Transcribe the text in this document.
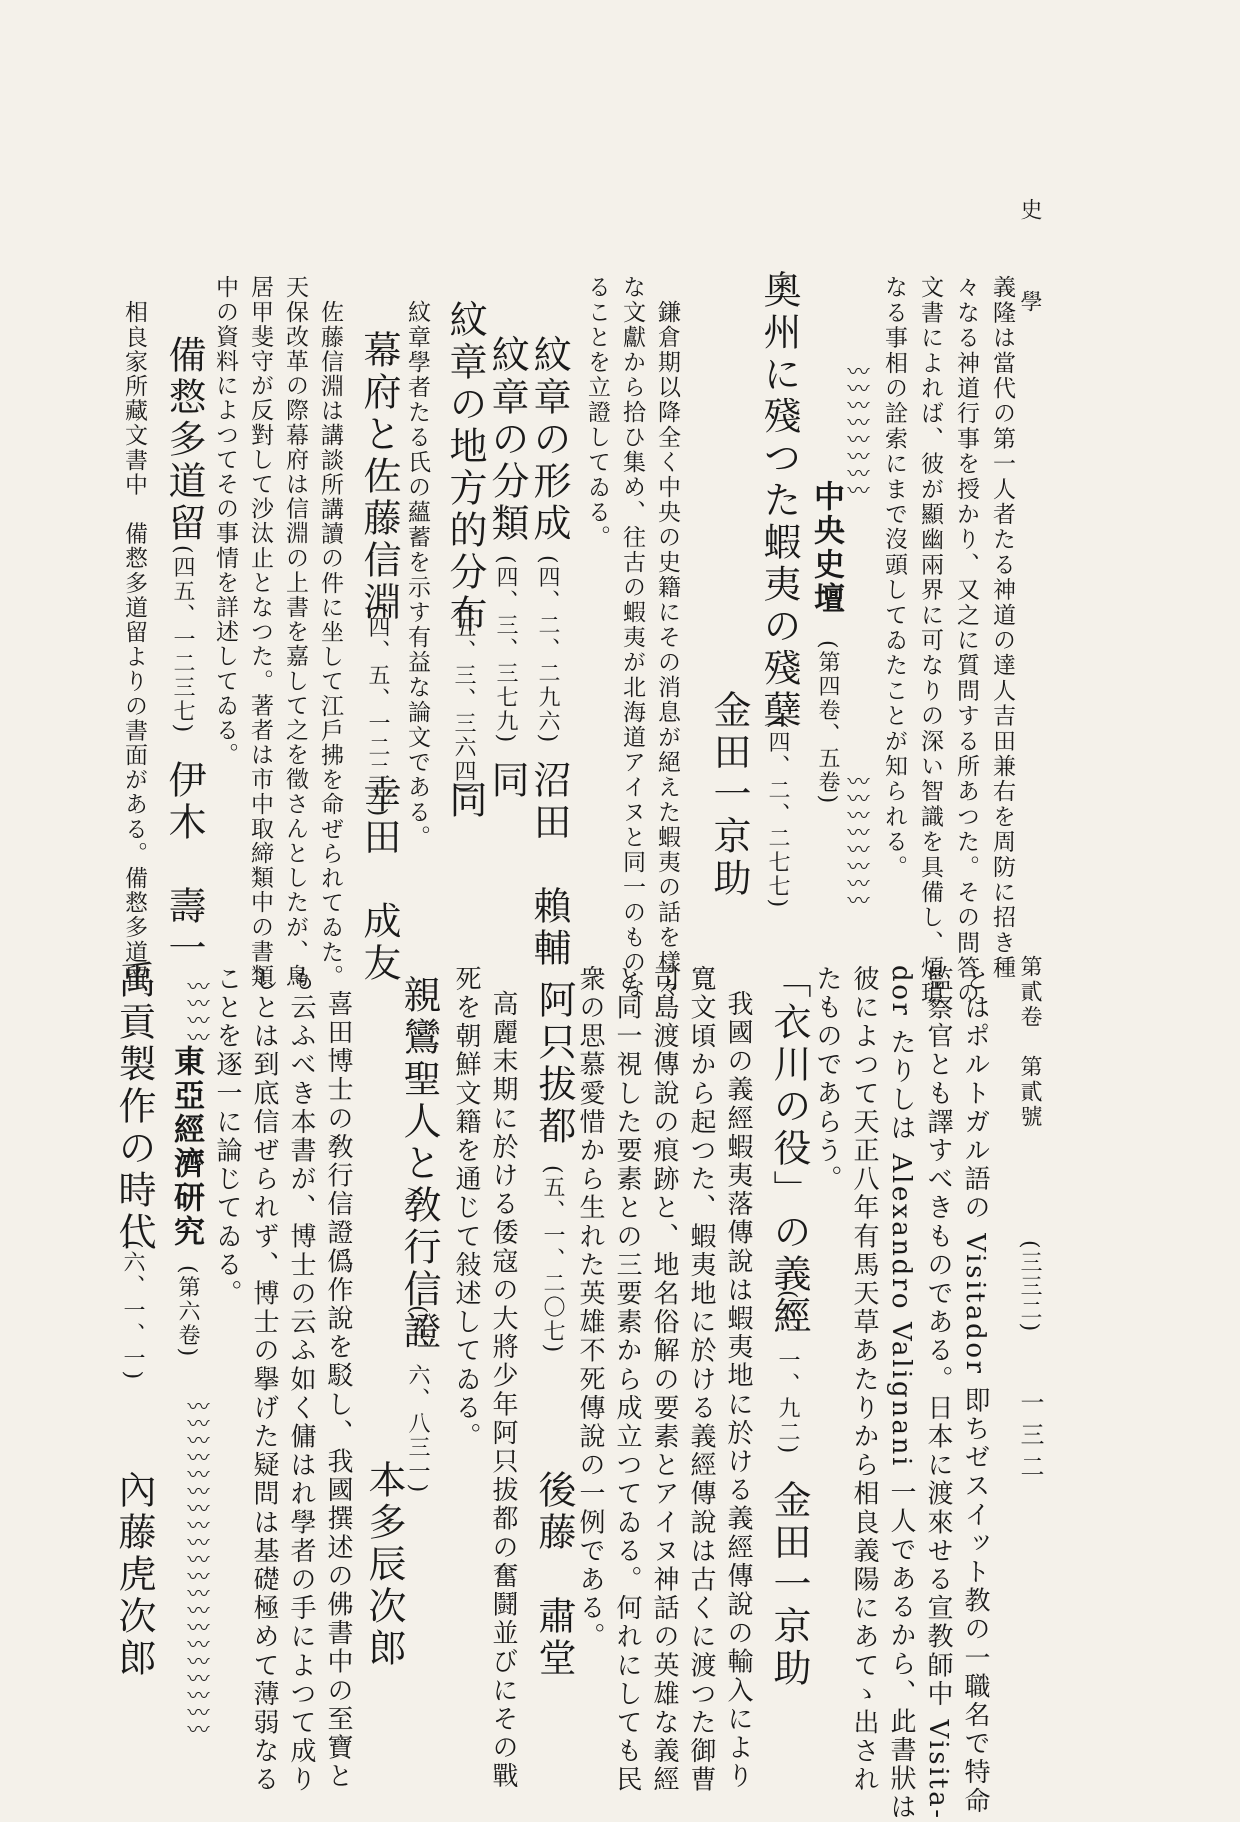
史　學
第貳卷　第貳號
(三三二)
一三二
とはポルトガル語の Visitador 即ちゼスイット教の一職名で特命
監察官とも譯すべきものである。日本に渡來せる宣教師中 Visita-
dor たりしは Alexandro Valignani 一人であるから、此書狀は
彼によつて天正八年有馬天草あたりから相良義陽にあてゝ出され
たものであらう。
「衣川の役」の義經
(五、一、九二)
金田一京助
我國の義經蝦夷落傳說は蝦夷地に於ける義經傳說の輸入により
寬文頃から起つた、蝦夷地に於ける義經傳說は古くに渡つた御曹
司島渡傳說の痕跡と、地名俗解の要素とアイヌ神話の英雄な義經
と同一視した要素との三要素から成立つてゐる。何れにしても民
衆の思慕愛惜から生れた英雄不死傳說の一例である。
阿只拔都
(五、一、二〇七)
後藤　肅堂
高麗末期に於ける倭寇の大將少年阿只拔都の奮鬪並びにその戰
死を朝鮮文籍を通じて敍述してゐる。
親鸞聖人と敎行信證
(五、六、八三一)
本多辰次郎
喜田博士の敎行信證僞作說を駁し、我國撰述の佛書中の至寶と
も云ふべき本書が、博士の云ふ如く傭はれ學者の手によつて成り
しとは到底信ぜられず、博士の擧げた疑問は基礎極めて薄弱なる
ことを逐一に論じてゐる。
〰〰〰〰
東亞經濟研究
(第六卷)
〰〰〰〰〰〰〰〰〰〰〰〰〰〰〰〰〰〰〰〰
禹貢製作の時代
(六、一、一)
內藤虎次郎
義隆は當代の第一人者たる神道の達人吉田兼右を周防に招き種
々なる神道行事を授かり、又之に質問する所あつた。その問答の
文書によれば、彼が顯幽兩界に可なりの深い智識を具備し、煩瑣
なる事相の詮索にまで沒頭してゐたことが知られる。
〰〰〰〰〰〰〰〰
中央史壇
(第四卷、五卷)
〰〰〰〰〰〰〰〰
奧州に殘つた蝦夷の殘蘖
(四、二、二七七)
金田一京助
鎌倉期以降全く中央の史籍にその消息が絕えた蝦夷の話を樣々
な文獻から拾ひ集め、往古の蝦夷が北海道アイヌと同一のものな
ることを立證してゐる。
紋章の形成
(四、二、二九六)
沼田　賴輔
紋章の分類
(四、三、三七九)
同
紋章の地方的分布
(五、三、三六四)
同
紋章學者たる氏の蘊蓄を示す有益な論文である。
幕府と佐藤信淵
(四、五、一二二九)
幸田　成友
佐藤信淵は講談所講讀の件に坐して江戶拂を命ぜられてゐた。
天保改革の際幕府は信淵の上書を嘉して之を徵さんとしたが、鳥
居甲斐守が反對して沙汰止となつた。著者は市中取締類中の書類
中の資料によつてその事情を詳述してゐる。
備慦多道留
(四五、一二三七)
伊木　壽一
相良家所藏文書中　備慦多道留よりの書面がある。備慦多道留
